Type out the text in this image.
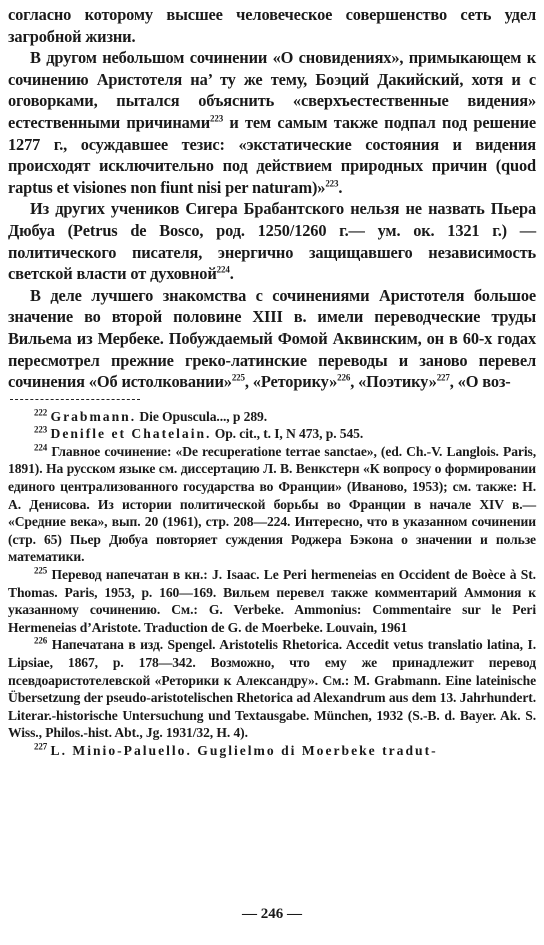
согласно которому высшее человеческое совершенство сеть удел загробной жизни.

В другом небольшом сочинении «О сновидениях», примыкающем к сочинению Аристотеля на’ ту же тему, Боэций Дакийский, хотя и с оговорками, пытался объяснить «сверхъестественные видения» естественными причинами$^{223}$ и тем самым также подпал под решение 1277 г., осуждавшее тезис: «экстатические состояния и видения происходят исключительно под действием природных причин (quod raptus et visiones non fiunt nisi per naturam)»$^{223}$.

Из других учеников Сигера Брабантского нельзя не назвать Пьера Дюбуа (Petrus de Bosco, род. 1250/1260 г.— ум. ок. 1321 г.) — политического писателя, энергично защищавшего независимость светской власти от духовной$^{224}$.

В деле лучшего знакомства с сочинениями Аристотеля большое значение во второй половине XIII в. имели переводческие труды Вильема из Мербеке. Побуждаемый Фомой Аквинским, он в 60-х годах пересмотрел прежние греко-латинские переводы и заново перевел сочинения «Об истолковании»$^{225}$, «Реторику»$^{226}$, «Поэтику»$^{227}$, «О воз-

$^{222}$ Grabmann. Die Opuscula..., p 289.

$^{223}$ Denifle et Chatelain. Op. cit., t. I, N 473, p. 545.

$^{224}$ Главное сочинение: «De recuperatione terrae sanctae», (ed. Ch.-V. Langlois. Paris, 1891). На русском языке см. диссертацию Л. В. Венкстерн «К вопросу о формировании единого централизованного государства во Франции» (Иваново, 1953); см. также: Н. А. Денисова. Из истории политической борьбы во Франции в начале XIV в.— «Средние века», вып. 20 (1961), стр. 208—224. Интересно, что в указанном сочинении (стр. 65) Пьер Дюбуа повторяет суждения Роджера Бэкона о значении и пользе математики.

$^{225}$ Перевод напечатан в кн.: J. Isaac. Le Peri hermeneias en Occident de Boèce à St. Thomas. Paris, 1953, p. 160—169. Вильем перевел также комментарий Аммония к указанному сочинению. См.: G. Verbeke. Ammonius: Commentaire sur le Peri Hermeneias d’Aristote. Traduction de G. de Moerbeke. Louvain, 1961

$^{226}$ Напечатана в изд. Spengel. Aristotelis Rhetorica. Accedit vetus translatio latina, I. Lipsiae, 1867, p. 178—342. Возможно, что ему же принадлежит перевод псевдоаристотелевской «Реторики к Александру». См.: M. Grabmann. Eine lateinische Übersetzung der pseudo-aristotelischen Rhetorica ad Alexandrum aus dem 13. Jahrhundert. Literar.-historische Untersuchung und Textausgabe. München, 1932 (S.-B. d. Bayer. Ak. S. Wiss., Philos.-hist. Abt., Jg. 1931/32, H. 4).

$^{227}$ L. Minio-Paluello. Guglielmo di Moerbeke tradut-

— 246 —
